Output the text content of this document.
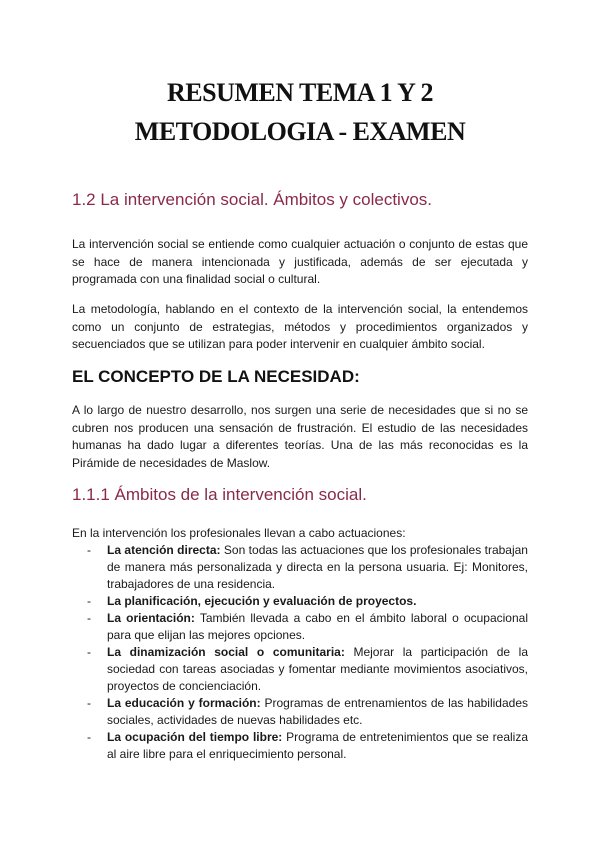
RESUMEN TEMA 1 Y 2
METODOLOGIA - EXAMEN
1.2 La intervención social. Ámbitos y colectivos.

La intervención social se entiende como cualquier actuación o conjunto de estas que se hace de manera intencionada y justificada, además de ser ejecutada y programada con una finalidad social o cultural.

La metodología, hablando en el contexto de la intervención social, la entendemos como un conjunto de estrategias, métodos y procedimientos organizados y secuenciados que se utilizan para poder intervenir en cualquier ámbito social.

EL CONCEPTO DE LA NECESIDAD:

A lo largo de nuestro desarrollo, nos surgen una serie de necesidades que si no se cubren nos producen una sensación de frustración. El estudio de las necesidades humanas ha dado lugar a diferentes teorías. Una de las más reconocidas es la Pirámide de necesidades de Maslow.

1.1.1 Ámbitos de la intervención social.

En la intervención los profesionales llevan a cabo actuaciones:

- La atención directa: Son todas las actuaciones que los profesionales trabajan de manera más personalizada y directa en la persona usuaria. Ej: Monitores, trabajadores de una residencia.
- La planificación, ejecución y evaluación de proyectos.
- La orientación: También llevada a cabo en el ámbito laboral o ocupacional para que elijan las mejores opciones.
- La dinamización social o comunitaria: Mejorar la participación de la sociedad con tareas asociadas y fomentar mediante movimientos asociativos, proyectos de concienciación.
- La educación y formación: Programas de entrenamientos de las habilidades sociales, actividades de nuevas habilidades etc.
- La ocupación del tiempo libre: Programa de entretenimientos que se realiza al aire libre para el enriquecimiento personal.
